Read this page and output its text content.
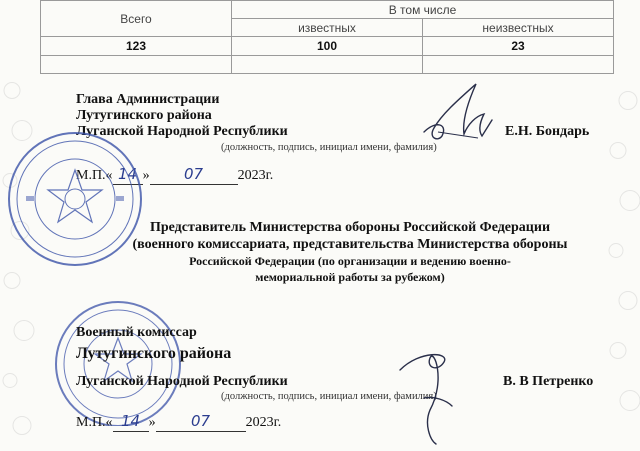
Всего	В том числе	
	известных	неизвестных
123	100	23

Глава Администрации
Лутугинского района
Луганской Народной Республики
(должность, подпись, инициал имени, фамилия)
Е.Н. Бондарь
М.П.« 14 » 07 2023г.
Представитель Министерства обороны Российской Федерации
(военного комиссариата, представительства Министерства обороны
Российской Федерации (по организации и ведению военно-
мемориальной работы за рубежом)
Военный комиссар
Лутугинского района
Луганской Народной Республики
(должность, подпись, инициал имени, фамилия)
В. В Петренко
М.П.« 14 » 07	2023г.
